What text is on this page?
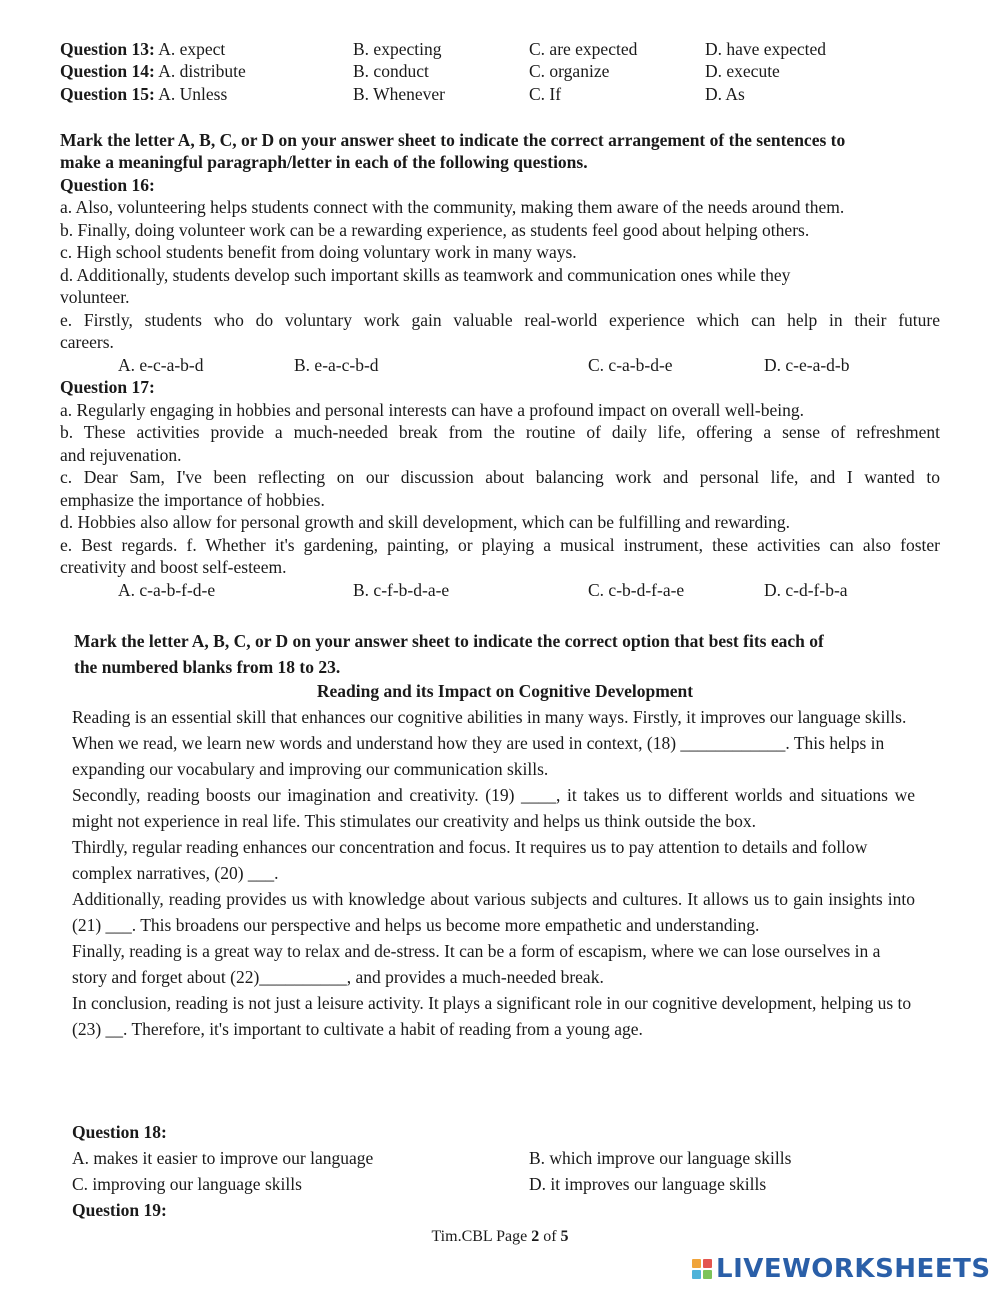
Question 13: A. expect	B. expecting	C. are expected	D. have expected
Question 14: A. distribute	B. conduct	C. organize	D. execute
Question 15: A. Unless	B. Whenever	C. If	D. As
Mark the letter A, B, C, or D on your answer sheet to indicate the correct arrangement of the sentences to
make a meaningful paragraph/letter in each of the following questions.
Question 16:
a. Also, volunteering helps students connect with the community, making them aware of the needs around them.
b. Finally, doing volunteer work can be a rewarding experience, as students feel good about helping others.
c. High school students benefit from doing voluntary work in many ways.
d. Additionally, students develop such important skills as teamwork and communication ones while they
volunteer.
e. Firstly, students who do voluntary work gain valuable real-world experience which can help in their future
careers.
A. e-c-a-b-d	B. e-a-c-b-d	C. c-a-b-d-e	D. c-e-a-d-b
Question 17:
a. Regularly engaging in hobbies and personal interests can have a profound impact on overall well-being.
b. These activities provide a much-needed break from the routine of daily life, offering a sense of refreshment
and rejuvenation.
c. Dear Sam, I've been reflecting on our discussion about balancing work and personal life, and I wanted to
emphasize the importance of hobbies.
d. Hobbies also allow for personal growth and skill development, which can be fulfilling and rewarding.
e. Best regards. f. Whether it's gardening, painting, or playing a musical instrument, these activities can also foster
creativity and boost self-esteem.
A. c-a-b-f-d-e	B. c-f-b-d-a-e	C. c-b-d-f-a-e	D. c-d-f-b-a
Mark the letter A, B, C, or D on your answer sheet to indicate the correct option that best fits each of
the numbered blanks from 18 to 23.
Reading and its Impact on Cognitive Development
Reading is an essential skill that enhances our cognitive abilities in many ways. Firstly, it improves our language skills. When we read, we learn new words and understand how they are used in context, (18) ____________. This helps in expanding our vocabulary and improving our communication skills.
Secondly, reading boosts our imagination and creativity. (19) ____, it takes us to different worlds and situations we might not experience in real life. This stimulates our creativity and helps us think outside the box.
Thirdly, regular reading enhances our concentration and focus. It requires us to pay attention to details and follow complex narratives, (20) ___.
Additionally, reading provides us with knowledge about various subjects and cultures. It allows us to gain insights into (21) ___. This broadens our perspective and helps us become more empathetic and understanding.
Finally, reading is a great way to relax and de-stress. It can be a form of escapism, where we can lose ourselves in a story and forget about (22)__________, and provides a much-needed break.
In conclusion, reading is not just a leisure activity. It plays a significant role in our cognitive development, helping us to (23) __. Therefore, it's important to cultivate a habit of reading from a young age.
Question 18:
A. makes it easier to improve our language	B. which improve our language skills
C. improving our language skills	D. it improves our language skills
Question 19:
Tim.CBL Page 2 of 5
LIVEWORKSHEETS
